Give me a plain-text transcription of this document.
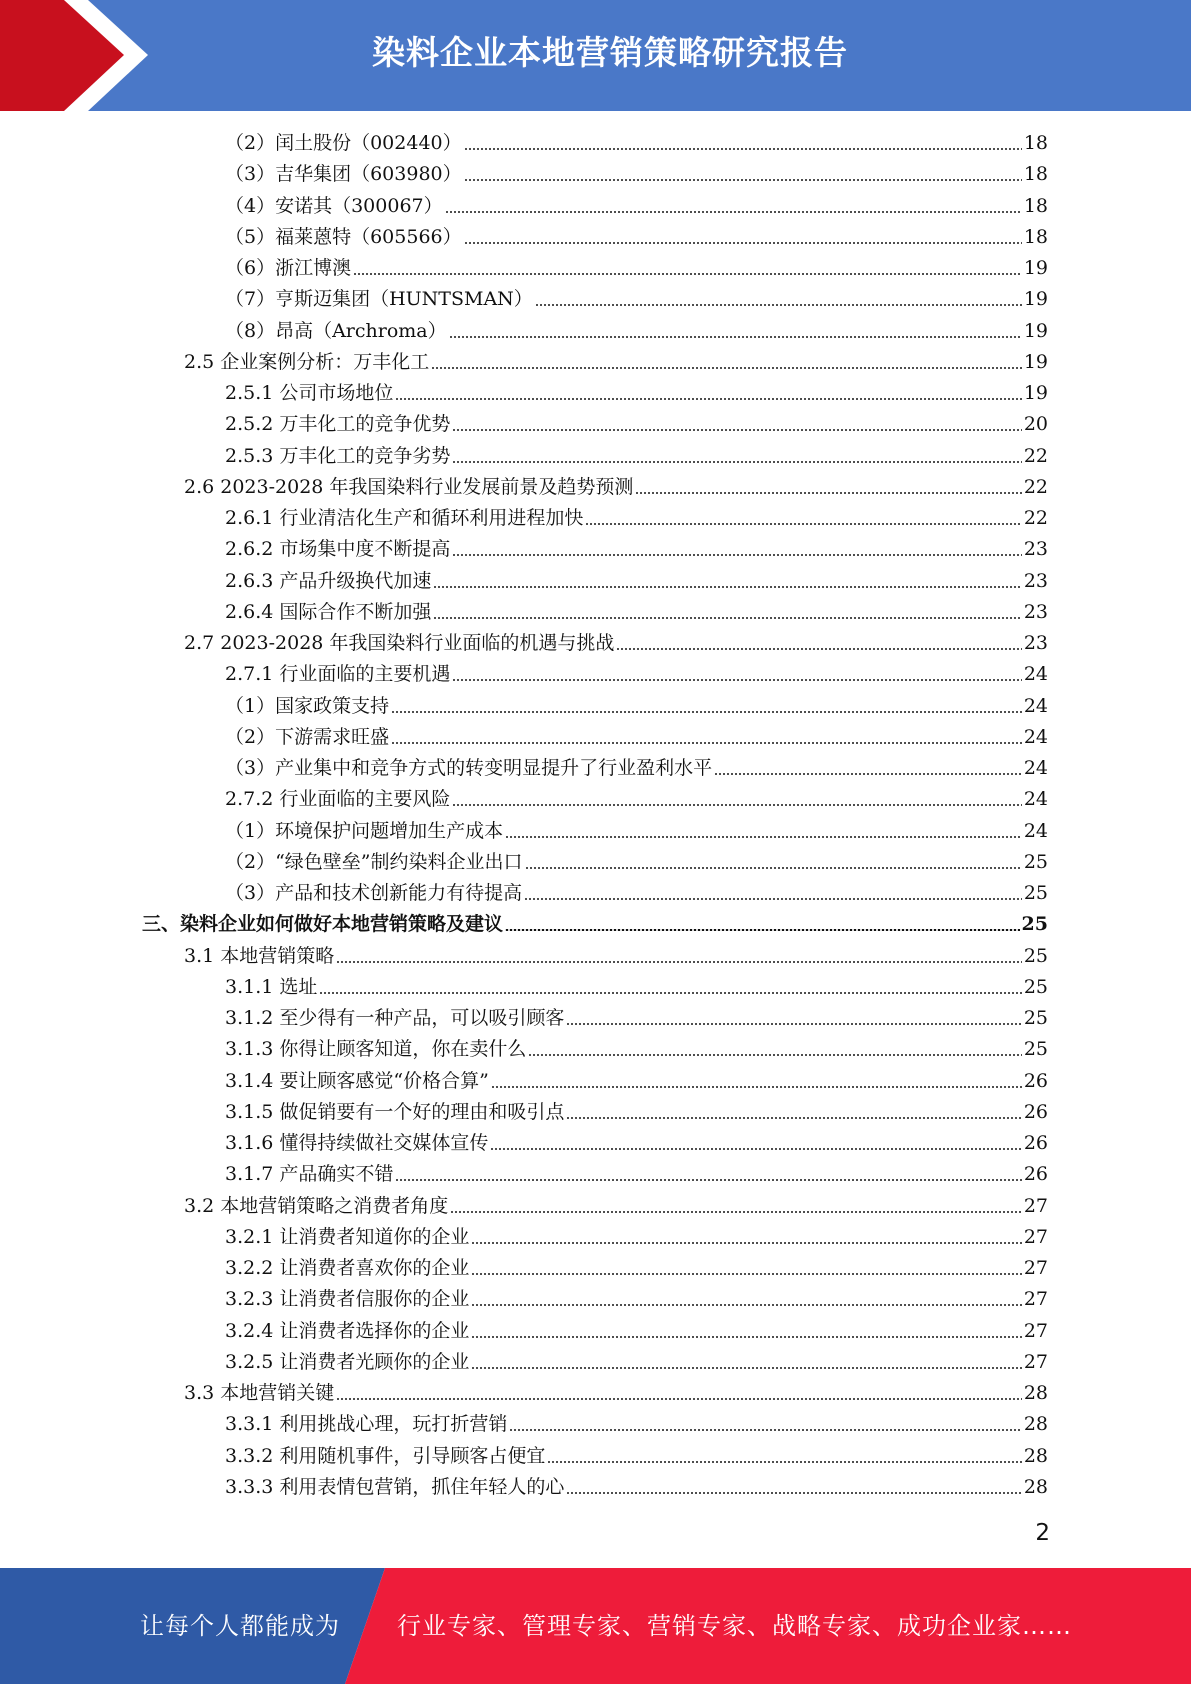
染料企业本地营销策略研究报告
（2）闰土股份（002440）	18
（3）吉华集团（603980）	18
（4）安诺其（300067）	18
（5）福莱蒽特（605566）	18
（6）浙江博澳	19
（7）亨斯迈集团（HUNTSMAN）	19
（8）昂高（Archroma）	19
2.5 企业案例分析：万丰化工	19
2.5.1 公司市场地位	19
2.5.2 万丰化工的竞争优势	20
2.5.3 万丰化工的竞争劣势	22
2.6 2023-2028 年我国染料行业发展前景及趋势预测	22
2.6.1 行业清洁化生产和循环利用进程加快	22
2.6.2 市场集中度不断提高	23
2.6.3 产品升级换代加速	23
2.6.4 国际合作不断加强	23
2.7 2023-2028 年我国染料行业面临的机遇与挑战	23
2.7.1 行业面临的主要机遇	24
（1）国家政策支持	24
（2）下游需求旺盛	24
（3）产业集中和竞争方式的转变明显提升了行业盈利水平	24
2.7.2 行业面临的主要风险	24
（1）环境保护问题增加生产成本	24
（2）“绿色壁垒”制约染料企业出口	25
（3）产品和技术创新能力有待提高	25
三、染料企业如何做好本地营销策略及建议	25
3.1 本地营销策略	25
3.1.1 选址	25
3.1.2 至少得有一种产品，可以吸引顾客	25
3.1.3 你得让顾客知道，你在卖什么	25
3.1.4 要让顾客感觉“价格合算”	26
3.1.5 做促销要有一个好的理由和吸引点	26
3.1.6 懂得持续做社交媒体宣传	26
3.1.7 产品确实不错	26
3.2 本地营销策略之消费者角度	27
3.2.1 让消费者知道你的企业	27
3.2.2 让消费者喜欢你的企业	27
3.2.3 让消费者信服你的企业	27
3.2.4 让消费者选择你的企业	27
3.2.5 让消费者光顾你的企业	27
3.3 本地营销关键	28
3.3.1 利用挑战心理，玩打折营销	28
3.3.2 利用随机事件，引导顾客占便宜	28
3.3.3 利用表情包营销，抓住年轻人的心	28
2
让每个人都能成为 行业专家、管理专家、营销专家、战略专家、成功企业家……
